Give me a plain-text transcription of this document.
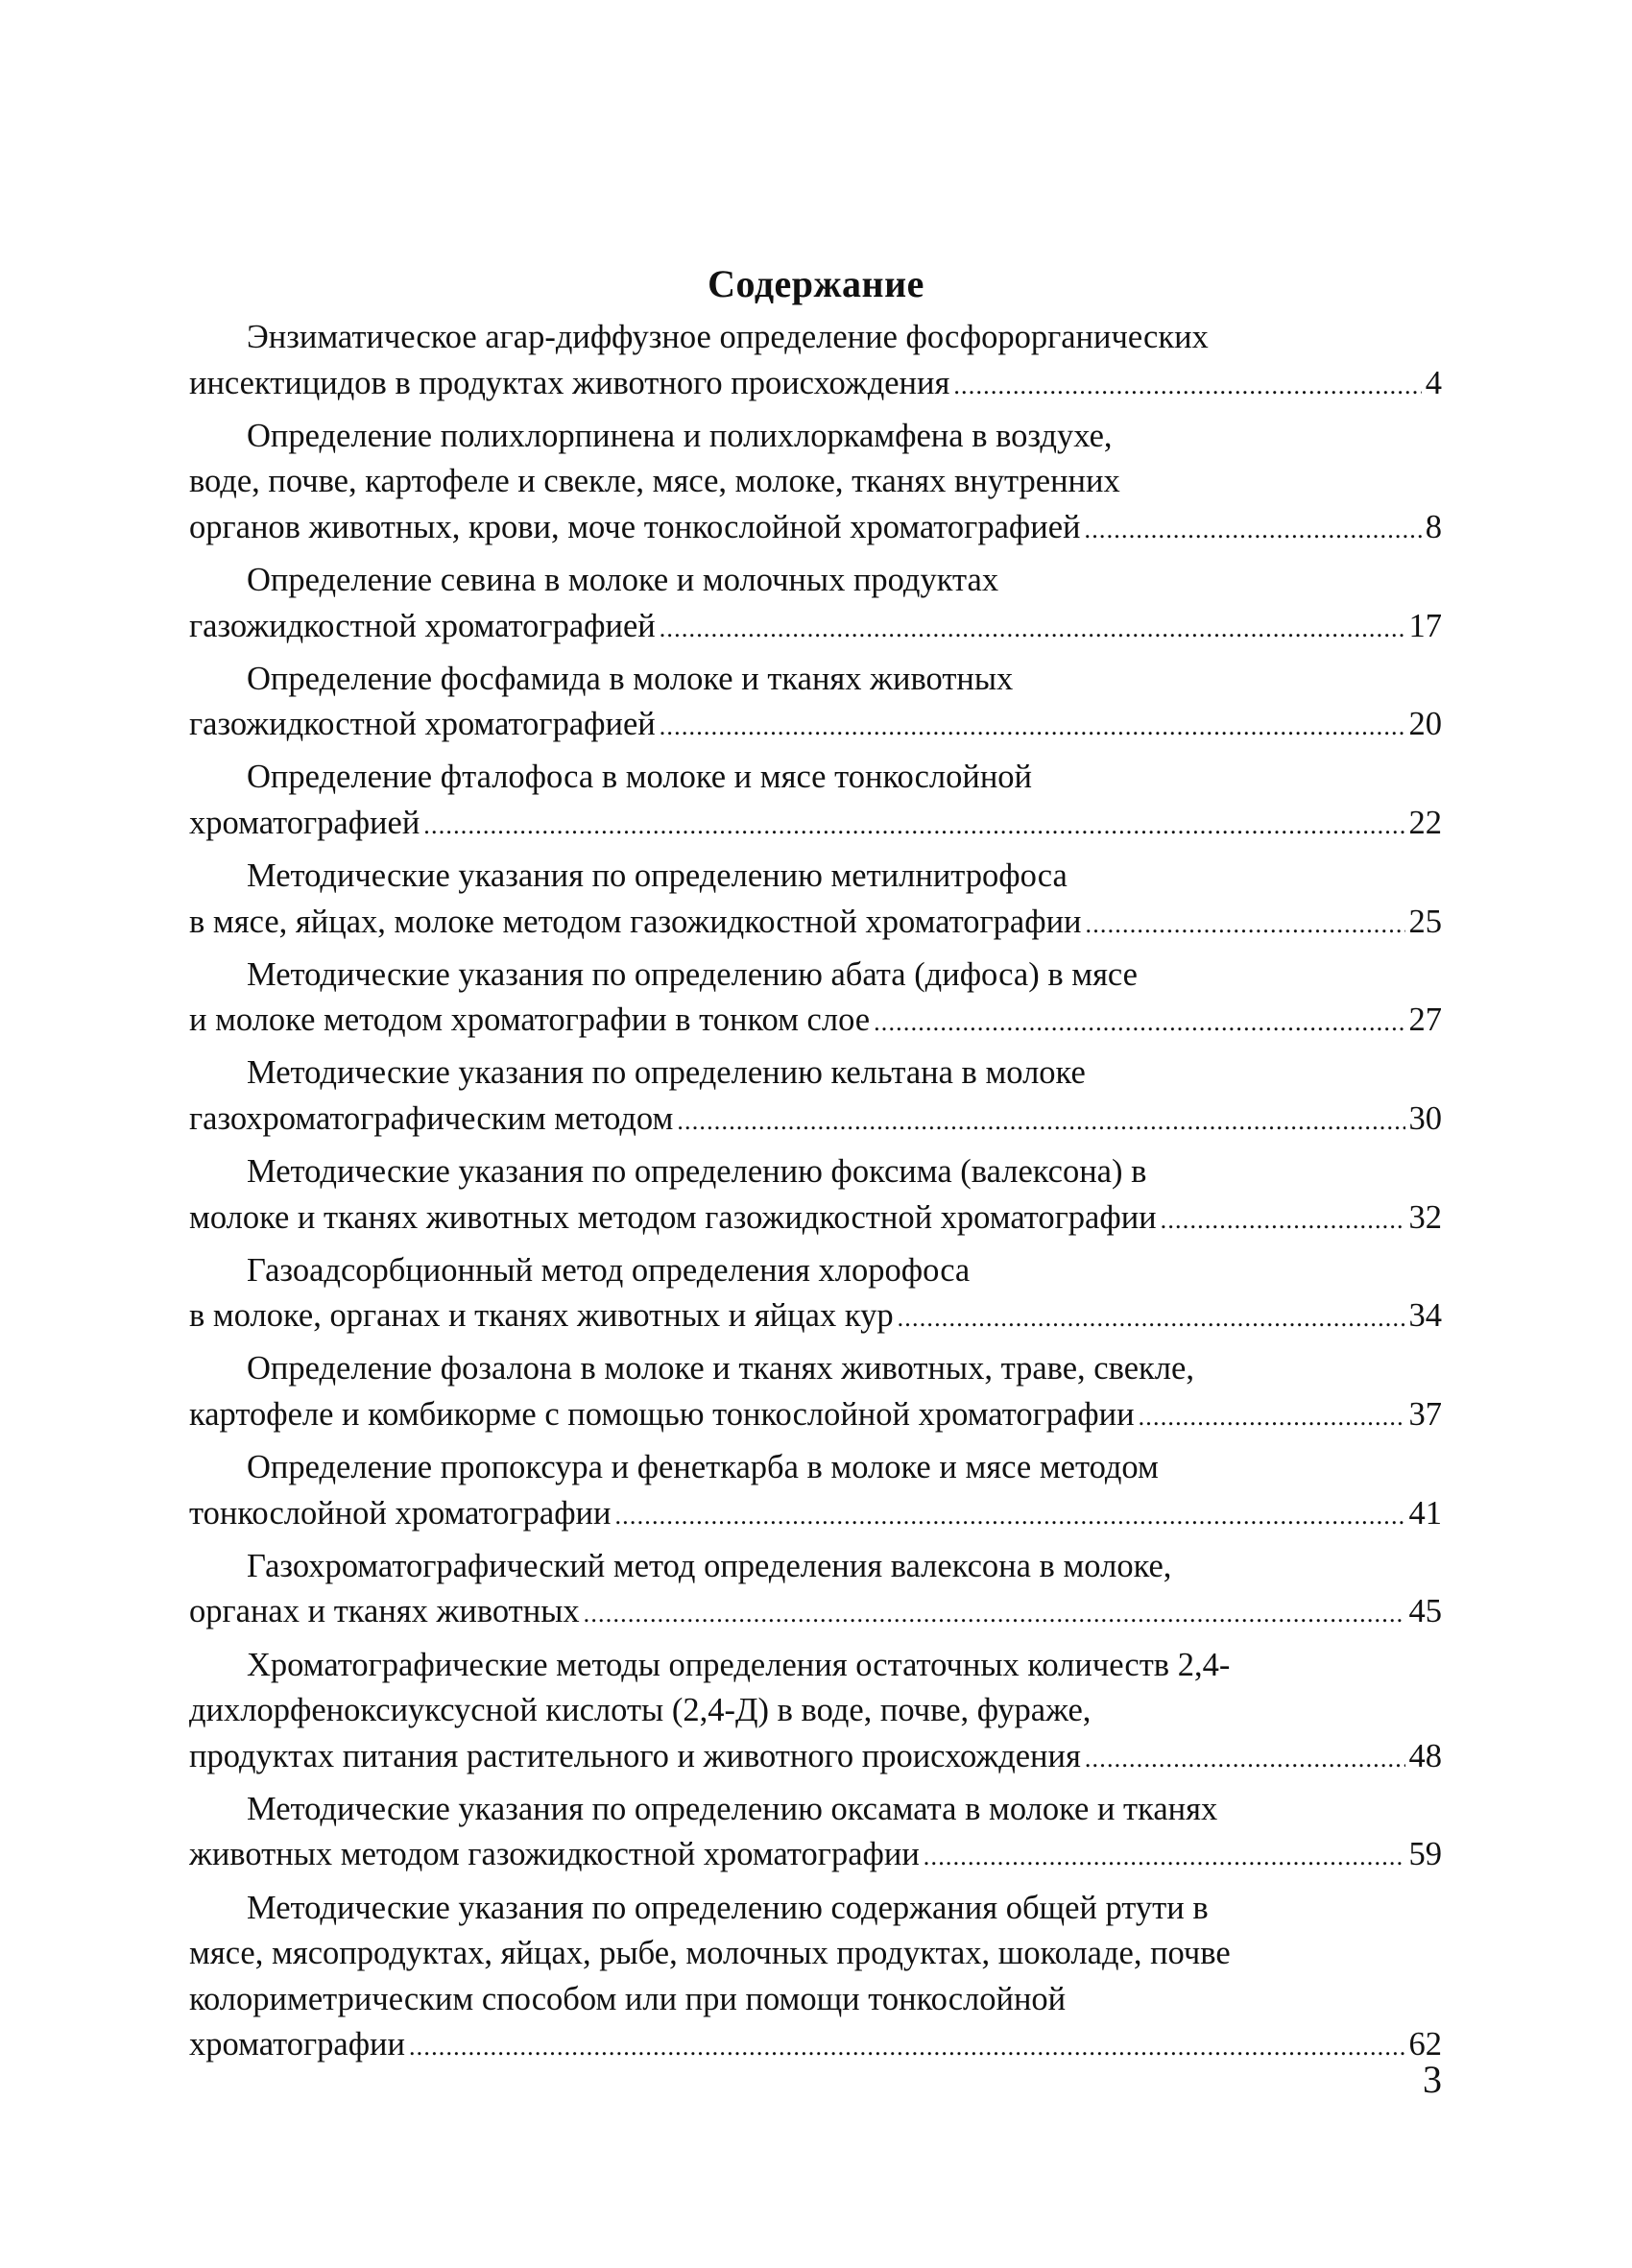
Содержание
Энзиматическое агар-диффузное определение фосфорорганических
инсектицидов в продуктах животного происхождения .....	4
Определение полихлорпинена и полихлоркамфена в воздухе,
воде, почве, картофеле и свекле, мясе, молоке, тканях внутренних
органов животных, крови, моче тонкослойной хроматографией .....	8
Определение севина в молоке и молочных продуктах
газожидкостной хроматографией .....	17
Определение фосфамида в молоке и тканях животных
газожидкостной хроматографией .....	20
Определение фталофоса в молоке и мясе тонкослойной
хроматографией .....	22
Методические указания по определению метилнитрофоса
в мясе, яйцах, молоке методом газожидкостной хроматографии .....	25
Методические указания по определению абата (дифоса) в мясе
и молоке методом хроматографии в тонком слое .....	27
Методические указания по определению кельтана в молоке
газохроматографическим методом .....	30
Методические указания по определению фоксима (валексона) в
молоке и тканях животных методом газожидкостной хроматографии .....	32
Газоадсорбционный метод определения хлорофоса
в молоке, органах и тканях животных и яйцах кур .....	34
Определение фозалона в молоке и тканях животных, траве, свекле,
картофеле и комбикорме с помощью тонкослойной хроматографии .....	37
Определение пропоксура и фенеткарба в молоке и мясе методом
тонкослойной хроматографии .....	41
Газохроматографический метод определения валексона в молоке,
органах и тканях животных .....	45
Хроматографические методы определения остаточных количеств 2,4-
дихлорфеноксиуксусной кислоты (2,4-Д) в воде, почве, фураже,
продуктах питания растительного и животного происхождения .....	48
Методические указания по определению оксамата в молоке и тканях
животных методом газожидкостной хроматографии .....	59
Методические указания по определению содержания общей ртути в
мясе, мясопродуктах, яйцах, рыбе, молочных продуктах, шоколаде, почве
колориметрическим способом или при помощи тонкослойной
хроматографии .....	62
3
